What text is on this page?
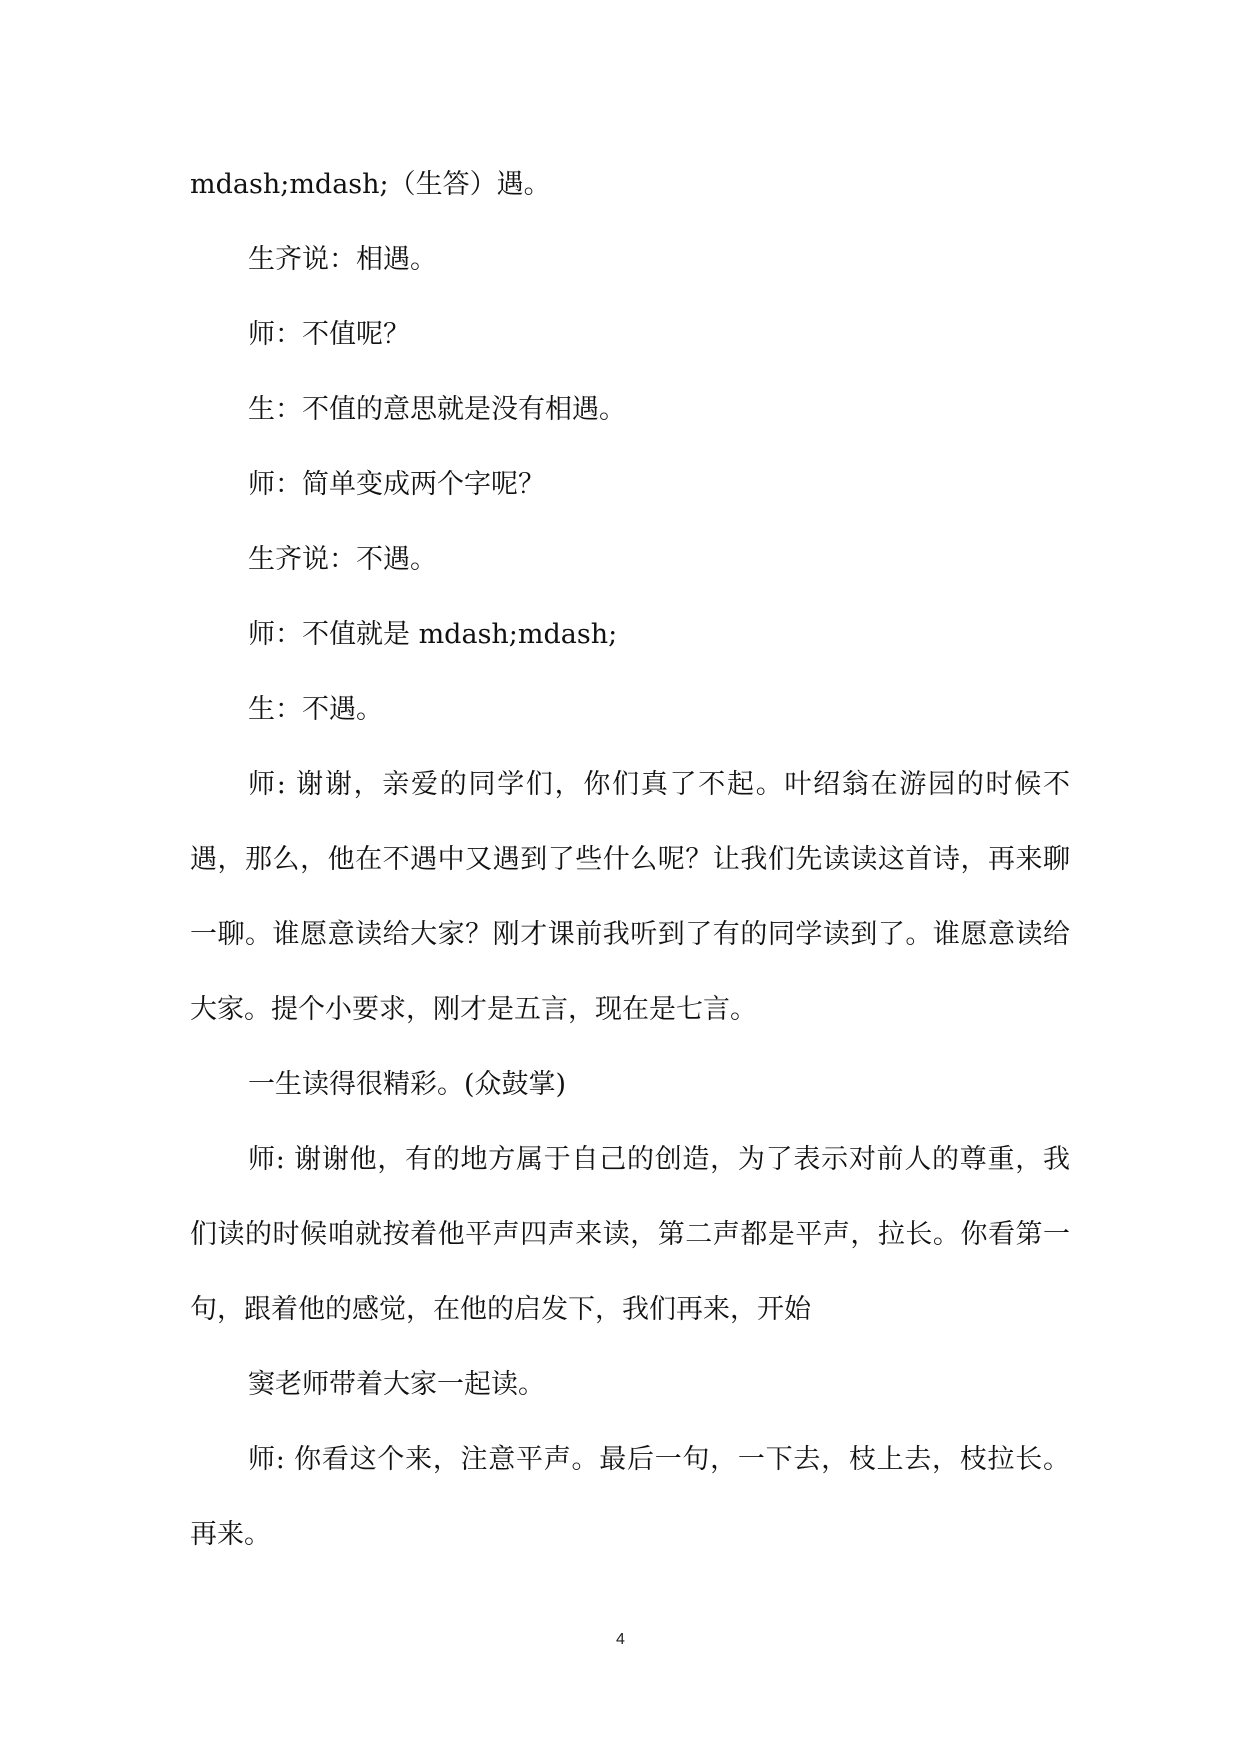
mdash;mdash;（生答）遇。

生齐说：相遇。

师：不值呢？

生：不值的意思就是没有相遇。

师：简单变成两个字呢？

生齐说：不遇。

师：不值就是 mdash;mdash;

生：不遇。

师: 谢谢，亲爱的同学们，你们真了不起。叶绍翁在游园的时候不遇，那么，他在不遇中又遇到了些什么呢？让我们先读读这首诗，再来聊一聊。谁愿意读给大家？刚才课前我听到了有的同学读到了。谁愿意读给大家。提个小要求，刚才是五言，现在是七言。

一生读得很精彩。(众鼓掌)

师: 谢谢他，有的地方属于自己的创造，为了表示对前人的尊重，我们读的时候咱就按着他平声四声来读，第二声都是平声，拉长。你看第一句，跟着他的感觉，在他的启发下，我们再来，开始

窦老师带着大家一起读。

师: 你看这个来，注意平声。最后一句，一下去，枝上去，枝拉长。再来。

4
